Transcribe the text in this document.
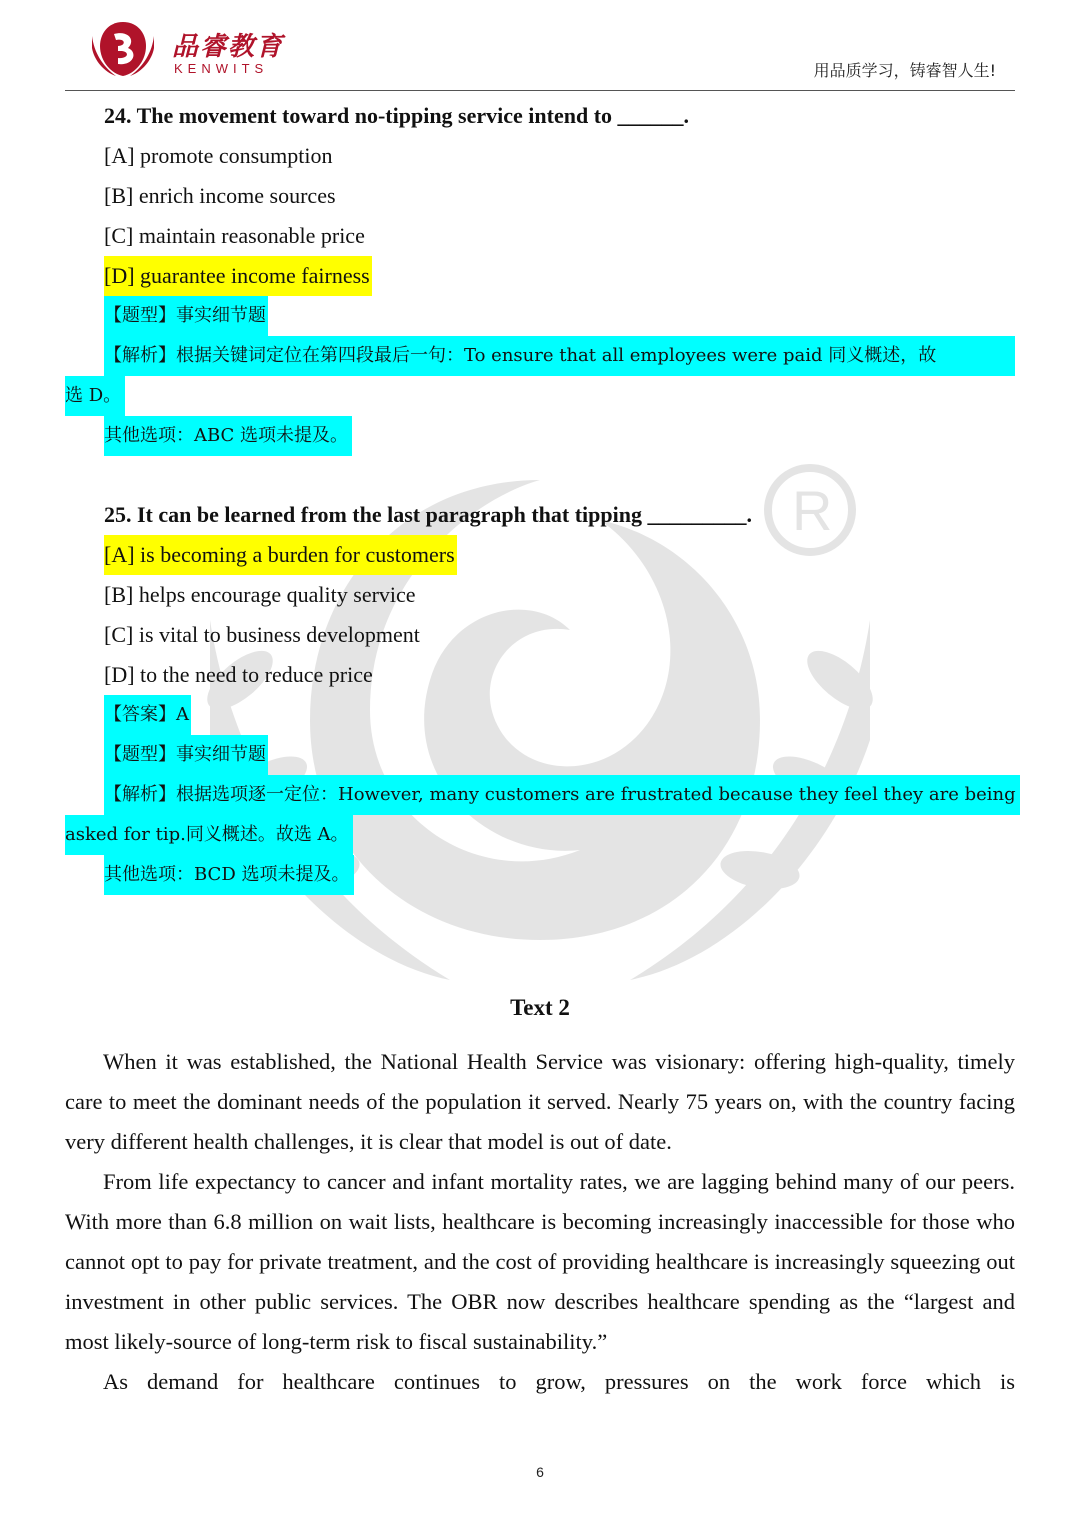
R
品睿教育
KENWITS	用品质学习，铸睿智人生!
24. The movement toward no-tipping service intend to ______.
[A] promote consumption
[B] enrich income sources
[C] maintain reasonable price
[D] guarantee income fairness
【题型】事实细节题
【解析】根据关键词定位在第四段最后一句：To ensure that all employees were paid 同义概述，故
选 D。
其他选项：ABC 选项未提及。
25. It can be learned from the last paragraph that tipping _________.
[A] is becoming a burden for customers
[B] helps encourage quality service
[C] is vital to business development
[D] to the need to reduce price
【答案】A
【题型】事实细节题
【解析】根据选项逐一定位：However, many customers are frustrated because they feel they are being
asked for tip.同义概述。故选 A。
其他选项：BCD 选项未提及。
Text 2

When it was established, the National Health Service was visionary: offering high-quality, timely care to meet the dominant needs of the population it served. Nearly 75 years on, with the country facing very different health challenges, it is clear that model is out of date.

From life expectancy to cancer and infant mortality rates, we are lagging behind many of our peers. With more than 6.8 million on wait lists, healthcare is becoming increasingly inaccessible for those who cannot opt to pay for private treatment, and the cost of providing healthcare is increasingly squeezing out investment in other public services. The OBR now describes healthcare spending as the “largest and most likely-source of long-term risk to fiscal sustainability.”

As demand for healthcare continues to grow, pressures on the work force which is

6
